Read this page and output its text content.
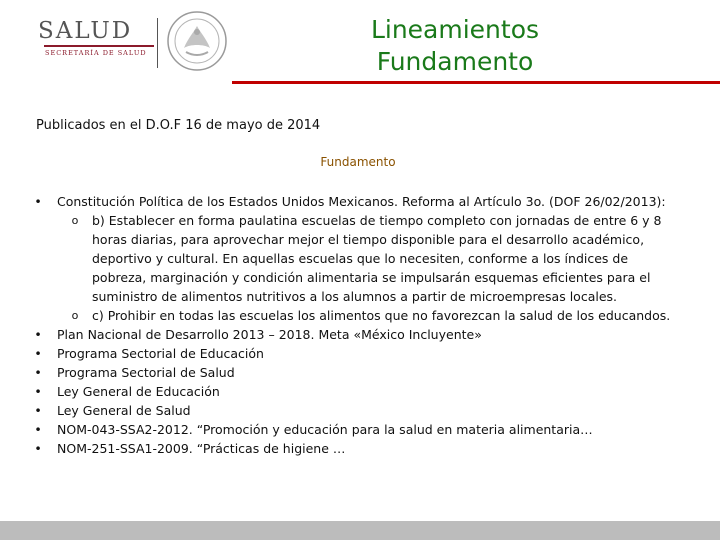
SALUD
SECRETARÍA DE SALUD
Lineamientos
Fundamento
Publicados en el D.O.F 16 de mayo de 2014
Fundamento
• Constitución Política de los Estados Unidos Mexicanos. Reforma al Artículo 3o. (DOF 26/02/2013):
o b) Establecer en forma paulatina escuelas de tiempo completo con jornadas de entre 6 y 8 horas diarias, para aprovechar mejor el tiempo disponible para el desarrollo académico, deportivo y cultural. En aquellas escuelas que lo necesiten, conforme a los índices de pobreza, marginación y condición alimentaria se impulsarán esquemas eficientes para el suministro de alimentos nutritivos a los alumnos a partir de microempresas locales.
o c) Prohibir en todas las escuelas los alimentos que no favorezcan la salud de los educandos.
• Plan Nacional de Desarrollo 2013 – 2018. Meta «México Incluyente»
• Programa Sectorial de Educación
• Programa Sectorial de Salud
• Ley General de Educación
• Ley General de Salud
• NOM-043-SSA2-2012. “Promoción y educación para la salud en materia alimentaria…
• NOM-251-SSA1-2009. “Prácticas de higiene …
